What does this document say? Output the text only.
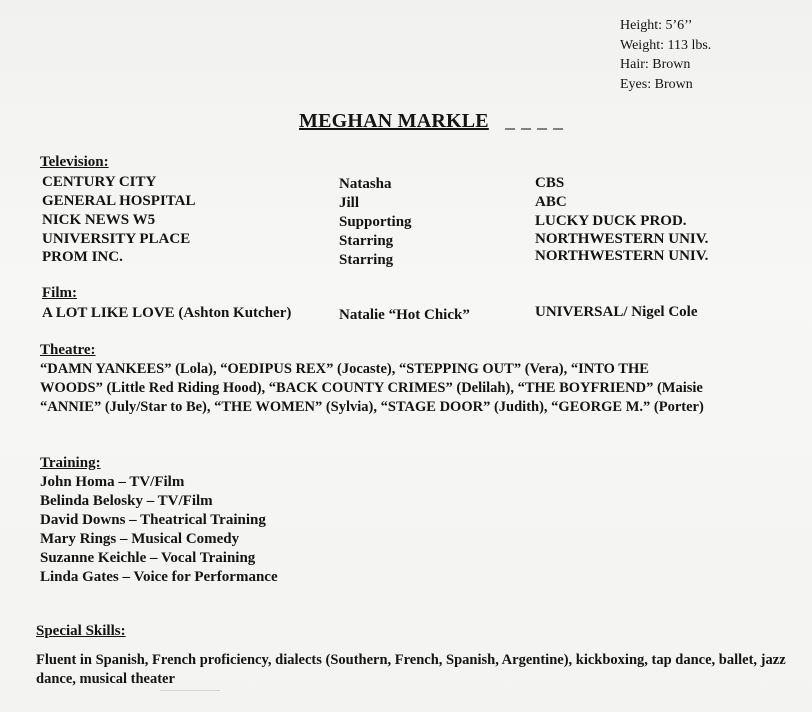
Height: 5’6’’
Weight: 113 lbs.
Hair: Brown
Eyes: Brown
MEGHAN MARKLE
Television:
CENTURY CITY	Natasha	CBS
GENERAL HOSPITAL	Jill	ABC
NICK NEWS W5	Supporting	LUCKY DUCK PROD.
UNIVERSITY PLACE	Starring	NORTHWESTERN UNIV.
PROM INC.	Starring	NORTHWESTERN UNIV.
Film:
A LOT LIKE LOVE (Ashton Kutcher)	Natalie “Hot Chick”	UNIVERSAL/ Nigel Cole
Theatre:
“DAMN YANKEES” (Lola), “OEDIPUS REX” (Jocaste), “STEPPING OUT” (Vera), “INTO THE
WOODS” (Little Red Riding Hood), “BACK COUNTY CRIMES” (Delilah), “THE BOYFRIEND” (Maisie
“ANNIE” (July/Star to Be), “THE WOMEN” (Sylvia), “STAGE DOOR” (Judith), “GEORGE M.” (Porter)
Training:
John Homa – TV/Film
Belinda Belosky – TV/Film
David Downs – Theatrical Training
Mary Rings – Musical Comedy
Suzanne Keichle – Vocal Training
Linda Gates – Voice for Performance
Special Skills:
Fluent in Spanish, French proficiency, dialects (Southern, French, Spanish, Argentine), kickboxing, tap dance, ballet, jazz dance, musical theater
